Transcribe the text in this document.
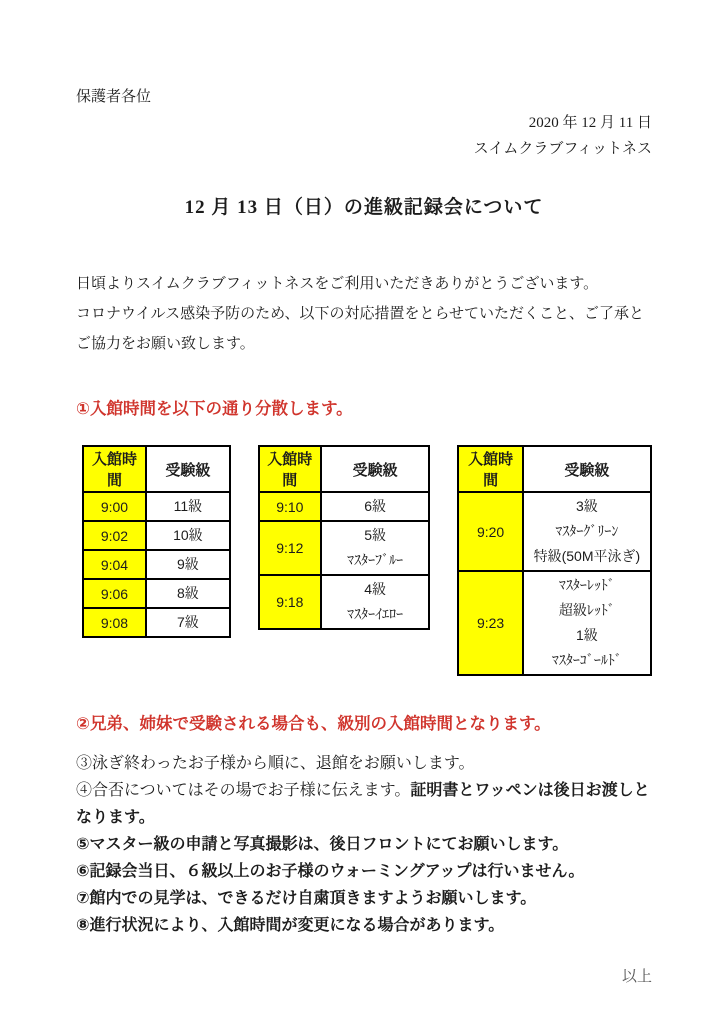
保護者各位
2020 年 12 月 11 日
スイムクラブフィットネス
12 月 13 日（日）の進級記録会について
日頃よりスイムクラブフィットネスをご利用いただきありがとうございます。
コロナウイルス感染予防のため、以下の対応措置をとらせていただくこと、ご了承とご協力をお願い致します。
①入館時間を以下の通り分散します。
入館時間	受験級
9:00	11級

9:02	10級

9:04	9級

9:06	8級

9:08	7級
入館時間	受験級
9:10	6級

9:12	5級
ﾏｽﾀｰﾌﾞﾙｰ

9:18	4級
ﾏｽﾀｰｲｴﾛｰ
入館時間	受験級
9:20	3級
ﾏｽﾀｰｸﾞﾘｰﾝ
特級(50M平泳ぎ)

9:23	ﾏｽﾀｰﾚｯﾄﾞ
超級ﾚｯﾄﾞ
1級
ﾏｽﾀｰｺﾞｰﾙﾄﾞ
②兄弟、姉妹で受験される場合も、級別の入館時間となります。
③泳ぎ終わったお子様から順に、退館をお願いします。
④合否についてはその場でお子様に伝えます。証明書とワッペンは後日お渡しとなります。
⑤マスター級の申請と写真撮影は、後日フロントにてお願いします。
⑥記録会当日、６級以上のお子様のウォーミングアップは行いません。
⑦館内での見学は、できるだけ自粛頂きますようお願いします。
⑧進行状況により、入館時間が変更になる場合があります。
以上
